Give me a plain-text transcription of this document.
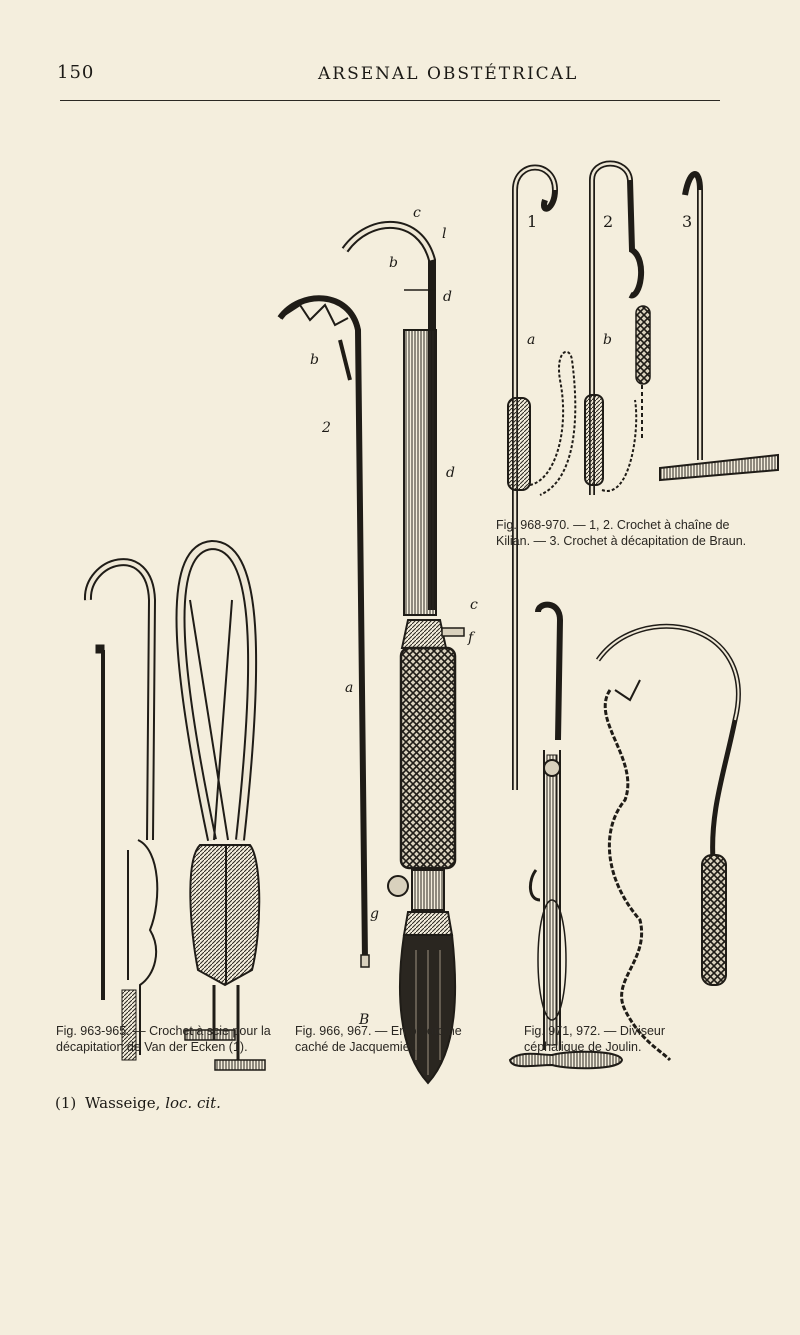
150	ARSENAL OBSTÉTRICAL
c
l
b
d
b
2
d
c
f
a
g
B
1	2	3
a	b
Fig. 968-970. — 1, 2. Crochet à chaîne de Kilian. — 3. Crochet à décapitation de Braun.
Fig. 963-965. — Crochet à scie pour la décapitation de Van der Ecken (1).
Fig. 966, 967. — Embryotome caché de Jacquemier.
Fig. 971, 972. — Diviseur céphalique de Joulin.
(1) Wasseige, loc. cit.
